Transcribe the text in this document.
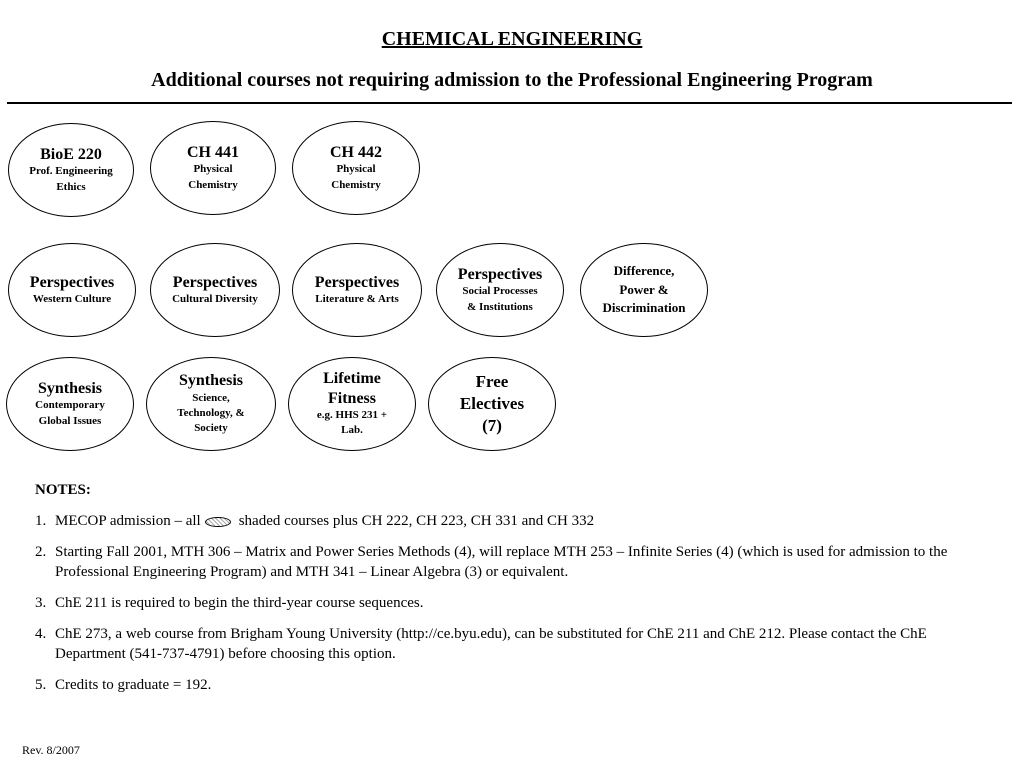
CHEMICAL ENGINEERING
Additional courses not requiring admission to the Professional Engineering Program
BioE 220
Prof. Engineering
Ethics
CH 441
Physical
Chemistry
CH 442
Physical
Chemistry
Perspectives
Western Culture
Perspectives
Cultural Diversity
Perspectives
Literature & Arts
Perspectives
Social Processes
& Institutions
Difference,
Power &
Discrimination
Synthesis
Contemporary
Global Issues
Synthesis
Science,
Technology, &
Society
Lifetime
Fitness
e.g. HHS 231 +
Lab.
Free
Electives
(7)
NOTES:
1. MECOP admission – all	shaded courses plus CH 222, CH 223, CH 331 and CH 332
2. Starting Fall 2001, MTH 306 – Matrix and Power Series Methods (4), will replace MTH 253 – Infinite Series (4) (which is used for admission to the Professional Engineering Program) and MTH 341 – Linear Algebra (3) or equivalent.
3. ChE 211 is required to begin the third-year course sequences.
4. ChE 273, a web course from Brigham Young University (http://ce.byu.edu), can be substituted for ChE 211 and ChE 212. Please contact the ChE Department (541-737-4791) before choosing this option.
5. Credits to graduate = 192.
Rev. 8/2007
